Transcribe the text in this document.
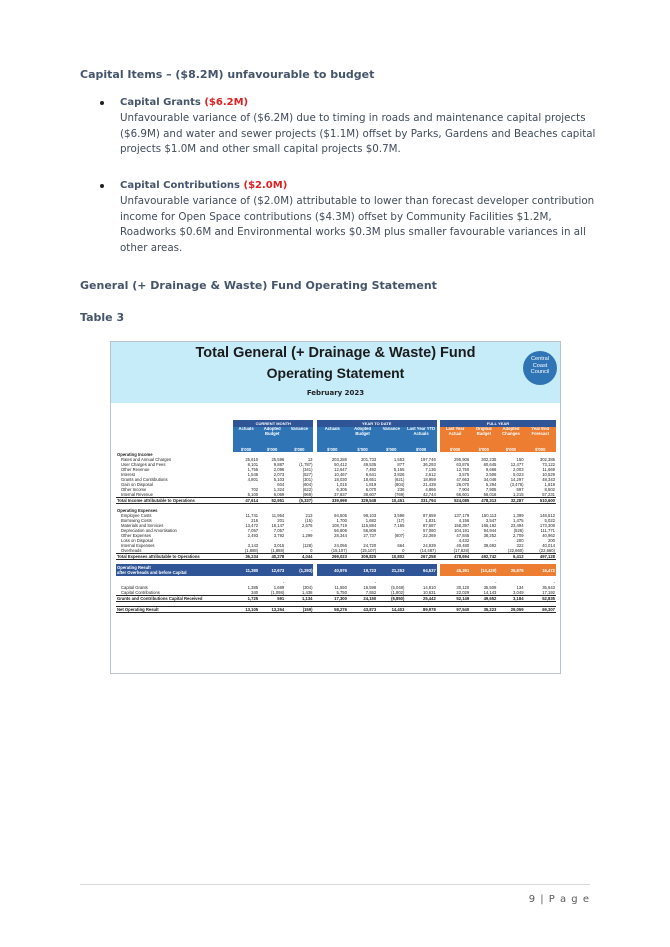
Capital Items – ($8.2M) unfavourable to budget
Capital Grants ($6.2M)

Unfavourable variance of ($6.2M) due to timing in roads and maintenance capital projects ($6.9M) and water and sewer projects ($1.1M) offset by Parks, Gardens and Beaches capital projects $1.0M and other small capital projects $0.7M.

Capital Contributions ($2.0M)

Unfavourable variance of ($2.0M) attributable to lower than forecast developer contribution income for Open Space contributions ($4.3M) offset by Community Facilities $1.2M, Roadworks $0.6M and Environmental works $0.3M plus smaller favourable variances in all other areas.

General (+ Drainage & Waste) Fund Operating Statement
Table 3
Total General (+ Drainage & Waste) Fund
Operating Statement
February 2023
Central
Coast
Council
	CURRENT MONTH				YEAR TO DATE					FULL YEAR			
	Actuals	Adopted Budget	Variance		Actuals	Adopted Budget	Variance	Last Year YTD Actuals		Last Year Actual	Original Budget	Adopted Changes	Year End Forecast
	$'000	$'000	$'000		$'000	$'000	$'000	$'000		$'000	$'000	$'000	$'000
Operating Income													
Rates and Annual Charges	25,610	25,596	13		203,286	201,733	1,553	197,746		295,906	302,235	150	302,385
User Charges and Fees	8,101	9,887	(1,787)		50,412	49,535	877	36,293		63,876	60,645	12,477	73,122
Other Revenue	1,755	2,096	(341)		12,647	7,492	5,155	7,136		12,750	9,666	2,003	11,669
Interest	1,546	2,073	(527)		10,467	6,641	3,826	2,612		3,575	2,506	5,023	10,529
Grants and Contributions	4,801	5,103	(301)		18,030	18,651	(621)	18,959		47,663	34,046	14,297	48,343
Gain on Disposal		604	(604)		1,015	1,819	(804)	21,439		26,070	5,294	(3,476)	1,819
Other Income	702	1,324	(622)		6,305	6,070	236	4,866		7,904	7,905	597	8,502
Internal Revenue	5,100	6,069	(969)		37,837	38,607	(769)	42,744		66,601	56,016	1,215	57,231
Total Income attributable to Operations	47,614	52,951	(5,337)		339,999	329,548	10,451	331,794		524,085	478,313	32,287	510,600

Operating Expenses													
Employee Costs	11,741	11,954	213		94,505	98,103	3,598	87,659		137,179	150,113	1,399	148,512
Borrowing Costs	216	201	(15)		1,700	1,682	(17)	1,831		4,156	3,547	1,475	5,022
Materials and Services	13,472	16,147	2,675		108,719	115,884	7,165	87,687		158,397	166,192	23,494	173,308
Depreciation and Amortisation	7,057	7,057	-		56,806	56,806	-	57,060		104,191	94,944	(526)	111,771
Other Expenses	2,493	3,792	1,299		28,344	27,737	(607)	22,369		47,845	38,252	2,709	40,962
Loss on Disposal										4,432	-	200	200
Internal Expenses	3,143	3,015	(128)		24,056	24,720	664	24,939		40,480	39,692	322	40,014
Overheads	(1,888)	(1,888)	0		(15,107)	(15,107)	0	(14,487)		(17,828)	-	(22,660)	(22,660)
Total Expenses attributable to Operations	36,234	40,278	4,044		299,023	309,825	10,802	267,258		478,694	492,742	6,412	497,128

Operating Result
after Overheads and before Capital	11,380	12,673	(1,293)		40,976	19,723	21,253	64,537		45,391	(14,429)	25,875	16,472

		-				-					-		-
Capital Grants	1,385	1,689	(304)		11,550	16,598	(5,048)	14,810		30,120	35,509	134	35,643
Capital Contributions	340	(1,098)	1,438		5,750	7,552	(1,802)	10,631		22,029	14,143	3,049	17,192
Grants and Contributions Capital Received	1,725	591	1,134		17,300	24,150	(6,850)	25,442		52,149	49,652	3,184	52,835

Net Operating Result	13,105	13,264	(159)		58,276	43,873	14,403	89,978		97,540	35,223	29,059	69,307
9 | P a g e
